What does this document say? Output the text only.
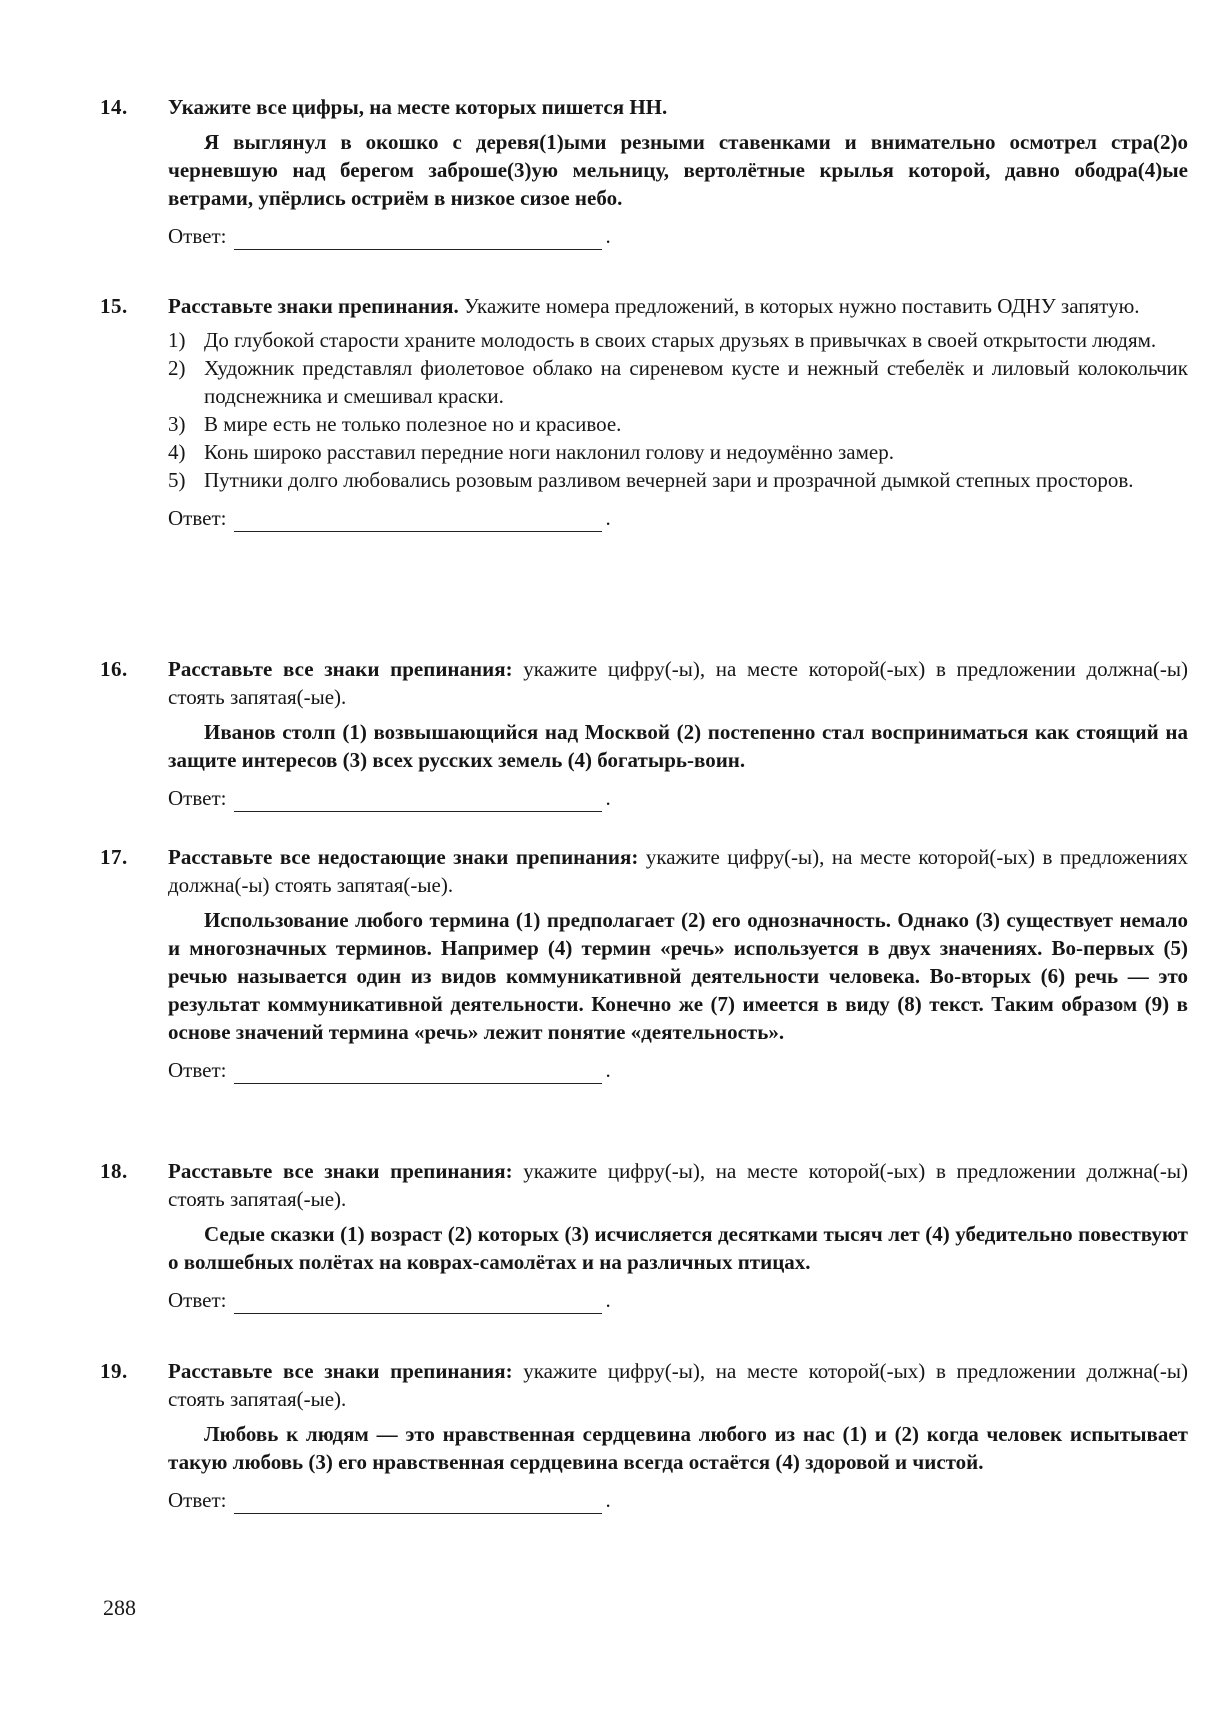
14. Укажите все цифры, на месте которых пишется НН.
Я выглянул в окошко с деревя(1)ыми резными ставенками и внимательно осмотрел стра(2)о черневшую над берегом заброше(3)ую мельницу, вертолётные крылья которой, давно ободра(4)ые ветрами, упёрлись остриём в низкое сизое небо.
Ответ:	.
15. Расставьте знаки препинания. Укажите номера предложений, в которых нужно поставить ОДНУ запятую.
1) До глубокой старости храните молодость в своих старых друзьях в привычках в своей открытости людям.
2) Художник представлял фиолетовое облако на сиреневом кусте и нежный стебелёк и лиловый колокольчик подснежника и смешивал краски.
3) В мире есть не только полезное но и красивое.
4) Конь широко расставил передние ноги наклонил голову и недоумённо замер.
5) Путники долго любовались розовым разливом вечерней зари и прозрачной дымкой степных просторов.
Ответ:	.
16. Расставьте все знаки препинания: укажите цифру(-ы), на месте которой(-ых) в предложении должна(-ы) стоять запятая(-ые).
Иванов столп (1) возвышающийся над Москвой (2) постепенно стал восприниматься как стоящий на защите интересов (3) всех русских земель (4) богатырь-воин.
Ответ:	.
17. Расставьте все недостающие знаки препинания: укажите цифру(-ы), на месте которой(-ых) в предложениях должна(-ы) стоять запятая(-ые).
Использование любого термина (1) предполагает (2) его однозначность. Однако (3) существует немало и многозначных терминов. Например (4) термин «речь» используется в двух значениях. Во-первых (5) речью называется один из видов коммуникативной деятельности человека. Во-вторых (6) речь — это результат коммуникативной деятельности. Конечно же (7) имеется в виду (8) текст. Таким образом (9) в основе значений термина «речь» лежит понятие «деятельность».
Ответ:	.
18. Расставьте все знаки препинания: укажите цифру(-ы), на месте которой(-ых) в предложении должна(-ы) стоять запятая(-ые).
Седые сказки (1) возраст (2) которых (3) исчисляется десятками тысяч лет (4) убедительно повествуют о волшебных полётах на коврах-самолётах и на различных птицах.
Ответ:	.
19. Расставьте все знаки препинания: укажите цифру(-ы), на месте которой(-ых) в предложении должна(-ы) стоять запятая(-ые).
Любовь к людям — это нравственная сердцевина любого из нас (1) и (2) когда человек испытывает такую любовь (3) его нравственная сердцевина всегда остаётся (4) здоровой и чистой.
Ответ:	.
288
